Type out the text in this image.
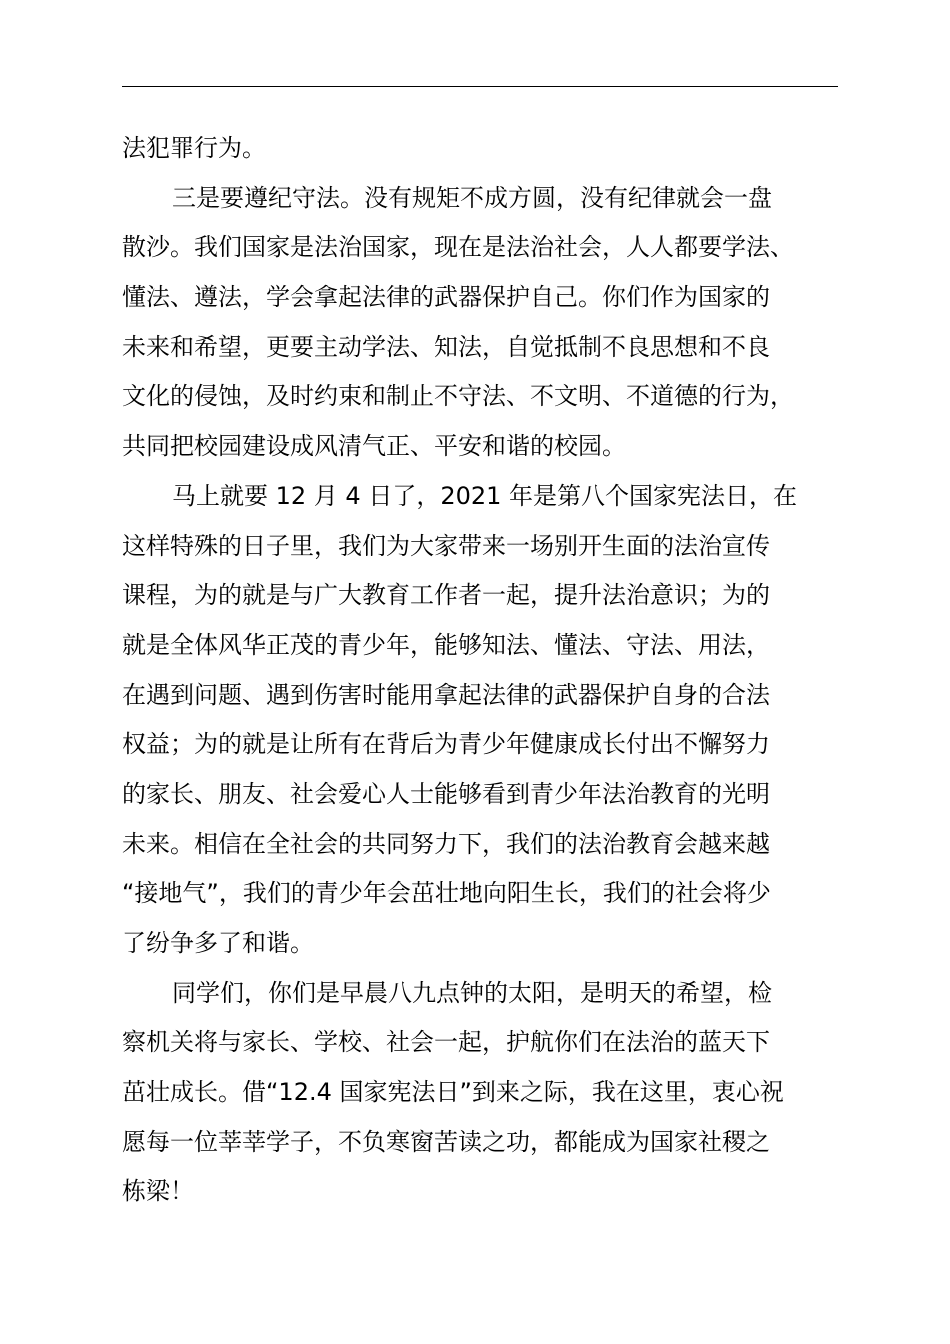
法犯罪行为。
三是要遵纪守法。没有规矩不成方圆，没有纪律就会一盘
散沙。我们国家是法治国家，现在是法治社会，人人都要学法、
懂法、遵法，学会拿起法律的武器保护自己。你们作为国家的
未来和希望，更要主动学法、知法，自觉抵制不良思想和不良
文化的侵蚀，及时约束和制止不守法、不文明、不道德的行为，
共同把校园建设成风清气正、平安和谐的校园。
马上就要 12 月 4 日了，2021 年是第八个国家宪法日，在
这样特殊的日子里，我们为大家带来一场别开生面的法治宣传
课程，为的就是与广大教育工作者一起，提升法治意识；为的
就是全体风华正茂的青少年，能够知法、懂法、守法、用法，
在遇到问题、遇到伤害时能用拿起法律的武器保护自身的合法
权益；为的就是让所有在背后为青少年健康成长付出不懈努力
的家长、朋友、社会爱心人士能够看到青少年法治教育的光明
未来。相信在全社会的共同努力下，我们的法治教育会越来越
“接地气”，我们的青少年会茁壮地向阳生长，我们的社会将少
了纷争多了和谐。
同学们，你们是早晨八九点钟的太阳，是明天的希望，检
察机关将与家长、学校、社会一起，护航你们在法治的蓝天下
茁壮成长。借“12.4 国家宪法日”到来之际，我在这里，衷心祝
愿每一位莘莘学子，不负寒窗苦读之功，都能成为国家社稷之
栋梁！
